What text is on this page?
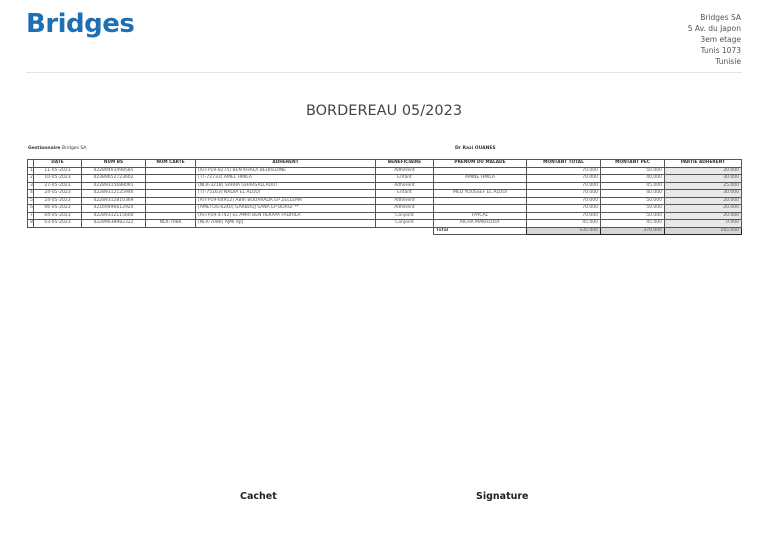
Bridges	Bridges SA
5 Av. du Japon
3em etage
Tunis 1073
Tunisie
BORDEREAU 05/2023
Gestionnaire Bridges SA	Dr Razi OUANES
	DATE	NUM BS	NUM CARTE	ADHERENT	BENEFICIAIRE	PRENOM DU MALADE	MONTANT TOTAL	MONTANT PEC	PARTIE ADHERENT
1	11-05-2023	42289403498585		[ATFP19-8275] BEN KHALA BEDREDINE	Adhérent		70.000	50.000	20.000
2	10-05-2023	42389652723602		[TT-72733] AMEL HMILA	Enfant	AMINE HMILA	70.000	40.000	30.000
3	27-05-2023	42289315688091		[NLR-3218] SARRA GHARSALLAOUI	Adhérent		70.000	45.000	25.000
4	24-05-2023	42289312125946		[TT-75163] NADIA EL ALOUI	Enfant	MED YOUSSEF EL ALOUI	70.000	40.000	30.000
5	24-05-2023	42289312810369		[ATFP19-64912] ABIR BOUARADA EP ZELLEMA	Adhérent		70.000	50.000	20.000
6	06-05-2023	42169496612924		[AMETOS-6240] GARBOUJ SANA EP BORGI **	Adhérent		70.000	50.000	20.000
7	04-05-2023	42289312115600		[ATFP19-4742] EL AMRI BEN REKAYA FADHILA	Conjoint	FAYCAL	70.000	50.000	20.000
8	03-05-2023	42289638982322	NLR-7086	[NLR-7086] AJMI AJIJ	Conjoint	AICHA MAKHLOUF	45.000	45.000	0.000
						Total	535.000	370.000	165.000
Cachet	Signature
